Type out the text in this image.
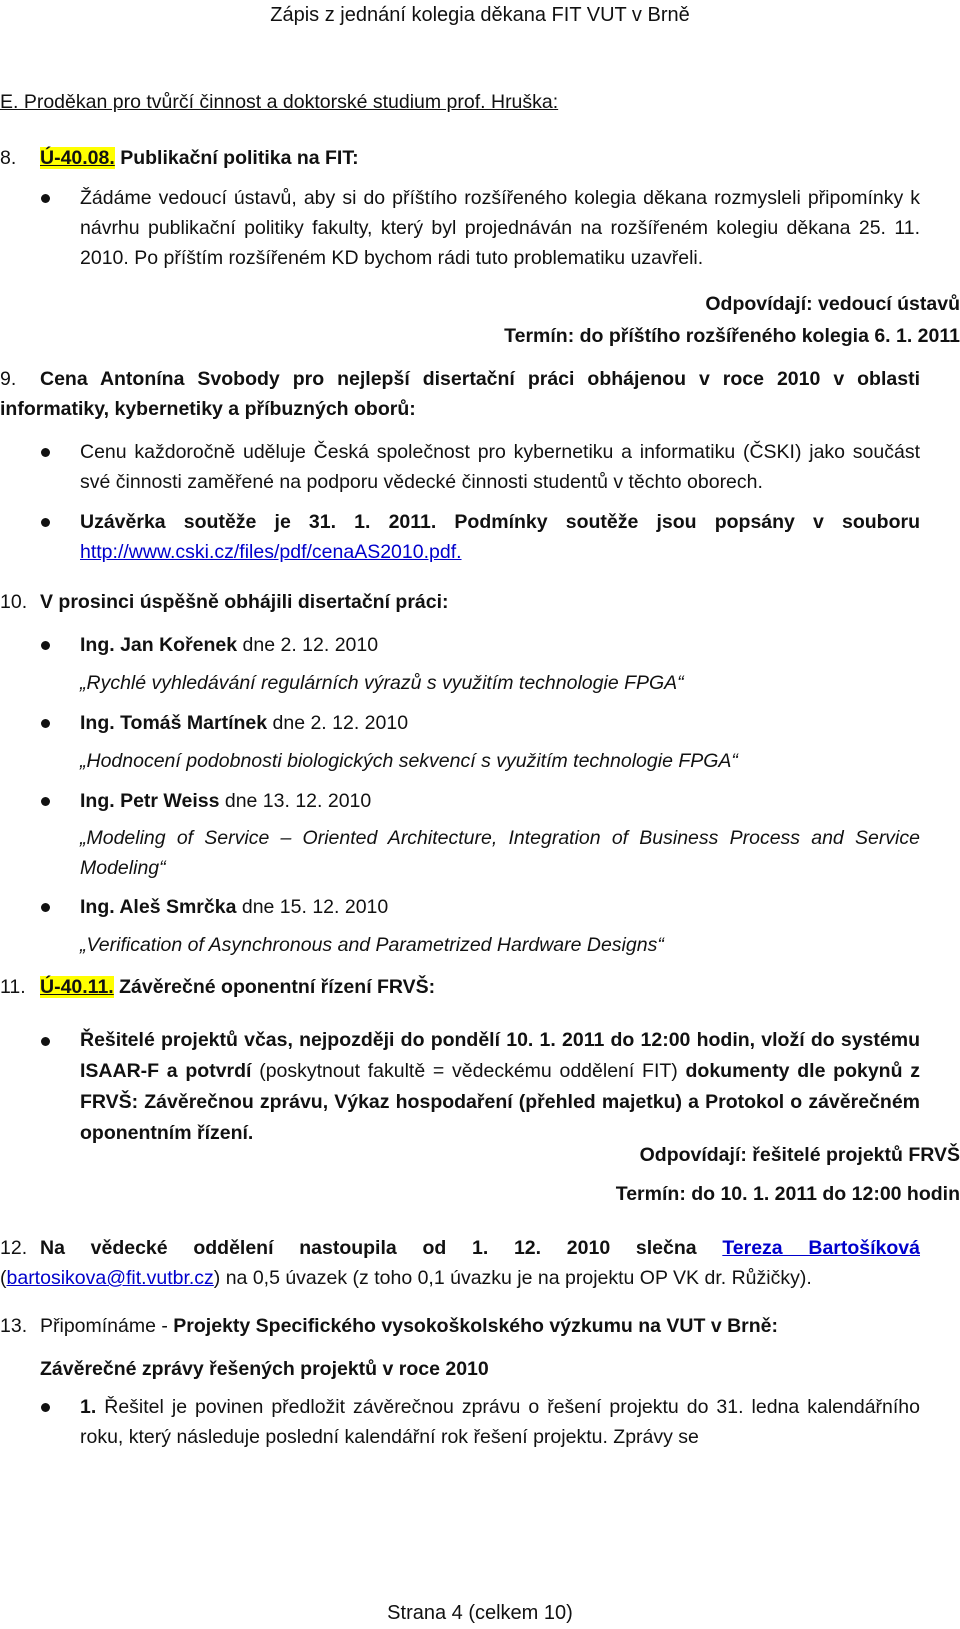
Zápis z jednání kolegia děkana FIT VUT v Brně
E. Proděkan pro tvůrčí činnost a doktorské studium prof. Hruška:
8. Ú-40.08. Publikační politika na FIT:
Žádáme vedoucí ústavů, aby si do příštího rozšířeného kolegia děkana rozmysleli připomínky k návrhu publikační politiky fakulty, který byl projednáván na rozšířeném kolegiu děkana 25. 11. 2010. Po příštím rozšířeném KD bychom rádi tuto problematiku uzavřeli.
Odpovídají: vedoucí ústavů
Termín: do příštího rozšířeného kolegia 6. 1. 2011
9.	Cena Antonína Svobody pro nejlepší disertační práci obhájenou v roce 2010 v oblasti informatiky, kybernetiky a příbuzných oborů:
Cenu každoročně uděluje Česká společnost pro kybernetiku a informatiku (ČSKI) jako součást své činnosti zaměřené na podporu vědecké činnosti studentů v těchto oborech.
Uzávěrka soutěže je 31. 1. 2011. Podmínky soutěže jsou popsány v souboru http://www.cski.cz/files/pdf/cenaAS2010.pdf.
10. V prosinci úspěšně obhájili disertační práci:
Ing. Jan Kořenek dne 2. 12. 2010
„Rychlé vyhledávání regulárních výrazů s využitím technologie FPGA“
Ing. Tomáš Martínek dne 2. 12. 2010
„Hodnocení podobnosti biologických sekvencí s využitím technologie FPGA“
Ing. Petr Weiss dne 13. 12. 2010
„Modeling of Service – Oriented Architecture, Integration of Business Process and Service Modeling“
Ing. Aleš Smrčka dne 15. 12. 2010
„Verification of Asynchronous and Parametrized Hardware Designs“
11. Ú-40.11. Závěrečné oponentní řízení FRVŠ:
Řešitelé projektů včas, nejpozději do pondělí 10. 1. 2011 do 12:00 hodin, vloží do systému ISAAR-F a potvrdí (poskytnout fakultě = vědeckému oddělení FIT) dokumenty dle pokynů z FRVŠ: Závěrečnou zprávu, Výkaz hospodaření (přehled majetku) a Protokol o závěrečném oponentním řízení.
Odpovídají: řešitelé projektů FRVŠ
Termín: do 10. 1. 2011 do 12:00 hodin
12. Na vědecké oddělení nastoupila od 1. 12. 2010 slečna Tereza Bartošíková (bartosikova@fit.vutbr.cz) na 0,5 úvazek (z toho 0,1 úvazku je na projektu OP VK dr. Růžičky).
13. Připomínáme - Projekty Specifického vysokoškolského výzkumu na VUT v Brně:
Závěrečné zprávy řešených projektů v roce 2010
1. Řešitel je povinen předložit závěrečnou zprávu o řešení projektu do 31. ledna kalendářního roku, který následuje poslední kalendářní rok řešení projektu. Zprávy se
Strana 4 (celkem 10)
